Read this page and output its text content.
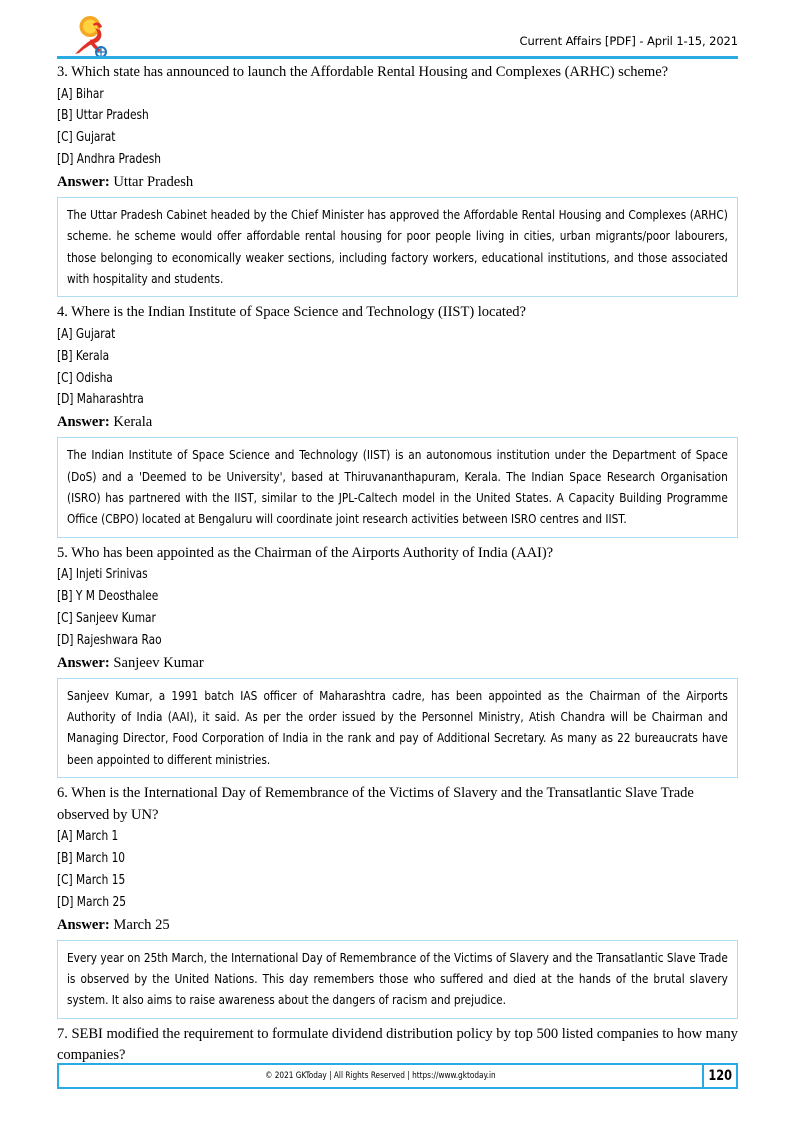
Current Affairs [PDF] - April 1-15, 2021

3. Which state has announced to launch the Affordable Rental Housing and Complexes (ARHC) scheme?

[A] Bihar

[B] Uttar Pradesh

[C] Gujarat

[D] Andhra Pradesh

Answer: Uttar Pradesh

The Uttar Pradesh Cabinet headed by the Chief Minister has approved the Affordable Rental Housing and Complexes (ARHC) scheme. he scheme would offer affordable rental housing for poor people living in cities, urban migrants/poor labourers, those belonging to economically weaker sections, including factory workers, educational institutions, and those associated with hospitality and students.

4. Where is the Indian Institute of Space Science and Technology (IIST) located?

[A] Gujarat

[B] Kerala

[C] Odisha

[D] Maharashtra

Answer: Kerala

The Indian Institute of Space Science and Technology (IIST) is an autonomous institution under the Department of Space (DoS) and a 'Deemed to be University', based at Thiruvananthapuram, Kerala. The Indian Space Research Organisation (ISRO) has partnered with the IIST, similar to the JPL-Caltech model in the United States. A Capacity Building Programme Office (CBPO) located at Bengaluru will coordinate joint research activities between ISRO centres and IIST.

5. Who has been appointed as the Chairman of the Airports Authority of India (AAI)?

[A] Injeti Srinivas

[B] Y M Deosthalee

[C] Sanjeev Kumar

[D] Rajeshwara Rao

Answer: Sanjeev Kumar

Sanjeev Kumar, a 1991 batch IAS officer of Maharashtra cadre, has been appointed as the Chairman of the Airports Authority of India (AAI), it said. As per the order issued by the Personnel Ministry, Atish Chandra will be Chairman and Managing Director, Food Corporation of India in the rank and pay of Additional Secretary. As many as 22 bureaucrats have been appointed to different ministries.

6. When is the International Day of Remembrance of the Victims of Slavery and the Transatlantic Slave Trade observed by UN?

[A] March 1

[B] March 10

[C] March 15

[D] March 25

Answer: March 25

Every year on 25th March, the International Day of Remembrance of the Victims of Slavery and the Transatlantic Slave Trade is observed by the United Nations. This day remembers those who suffered and died at the hands of the brutal slavery system. It also aims to raise awareness about the dangers of racism and prejudice.

7. SEBI modified the requirement to formulate dividend distribution policy by top 500 listed companies to how many companies?

© 2021 GKToday | All Rights Reserved | https://www.gktoday.in	120
